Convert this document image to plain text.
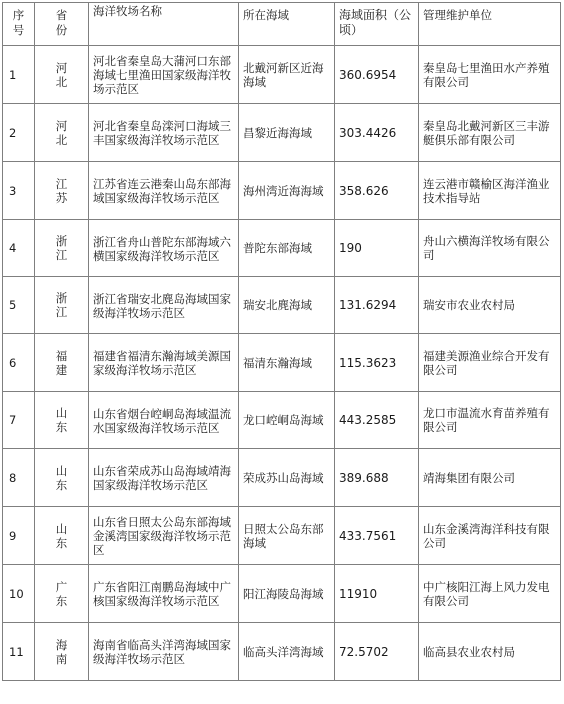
序号	省份	海洋牧场名称	所在海域	海域面积（公顷）	管理维护单位
1	河北	河北省秦皇岛大蒲河口东部海域七里渔田国家级海洋牧场示范区	北戴河新区近海海域	360.6954	秦皇岛七里渔田水产养殖有限公司
2	河北	河北省秦皇岛滦河口海域三丰国家级海洋牧场示范区	昌黎近海海域	303.4426	秦皇岛北戴河新区三丰游艇俱乐部有限公司
3	江苏	江苏省连云港秦山岛东部海域国家级海洋牧场示范区	海州湾近海海域	358.626	连云港市赣榆区海洋渔业技术指导站
4	浙江	浙江省舟山普陀东部海域六横国家级海洋牧场示范区	普陀东部海域	190	舟山六横海洋牧场有限公司
5	浙江	浙江省瑞安北麂岛海域国家级海洋牧场示范区	瑞安北麂海域	131.6294	瑞安市农业农村局
6	福建	福建省福清东瀚海域美源国家级海洋牧场示范区	福清东瀚海域	115.3623	福建美源渔业综合开发有限公司
7	山东	山东省烟台崆峒岛海域温流水国家级海洋牧场示范区	龙口崆峒岛海域	443.2585	龙口市温流水育苗养殖有限公司
8	山东	山东省荣成苏山岛海域靖海国家级海洋牧场示范区	荣成苏山岛海域	389.688	靖海集团有限公司
9	山东	山东省日照太公岛东部海域金溪湾国家级海洋牧场示范区	日照太公岛东部海域	433.7561	山东金溪湾海洋科技有限公司
10	广东	广东省阳江南鹏岛海域中广核国家级海洋牧场示范区	阳江海陵岛海域	11910	中广核阳江海上风力发电有限公司
11	海南	海南省临高头洋湾海域国家级海洋牧场示范区	临高头洋湾海域	72.5702	临高县农业农村局
